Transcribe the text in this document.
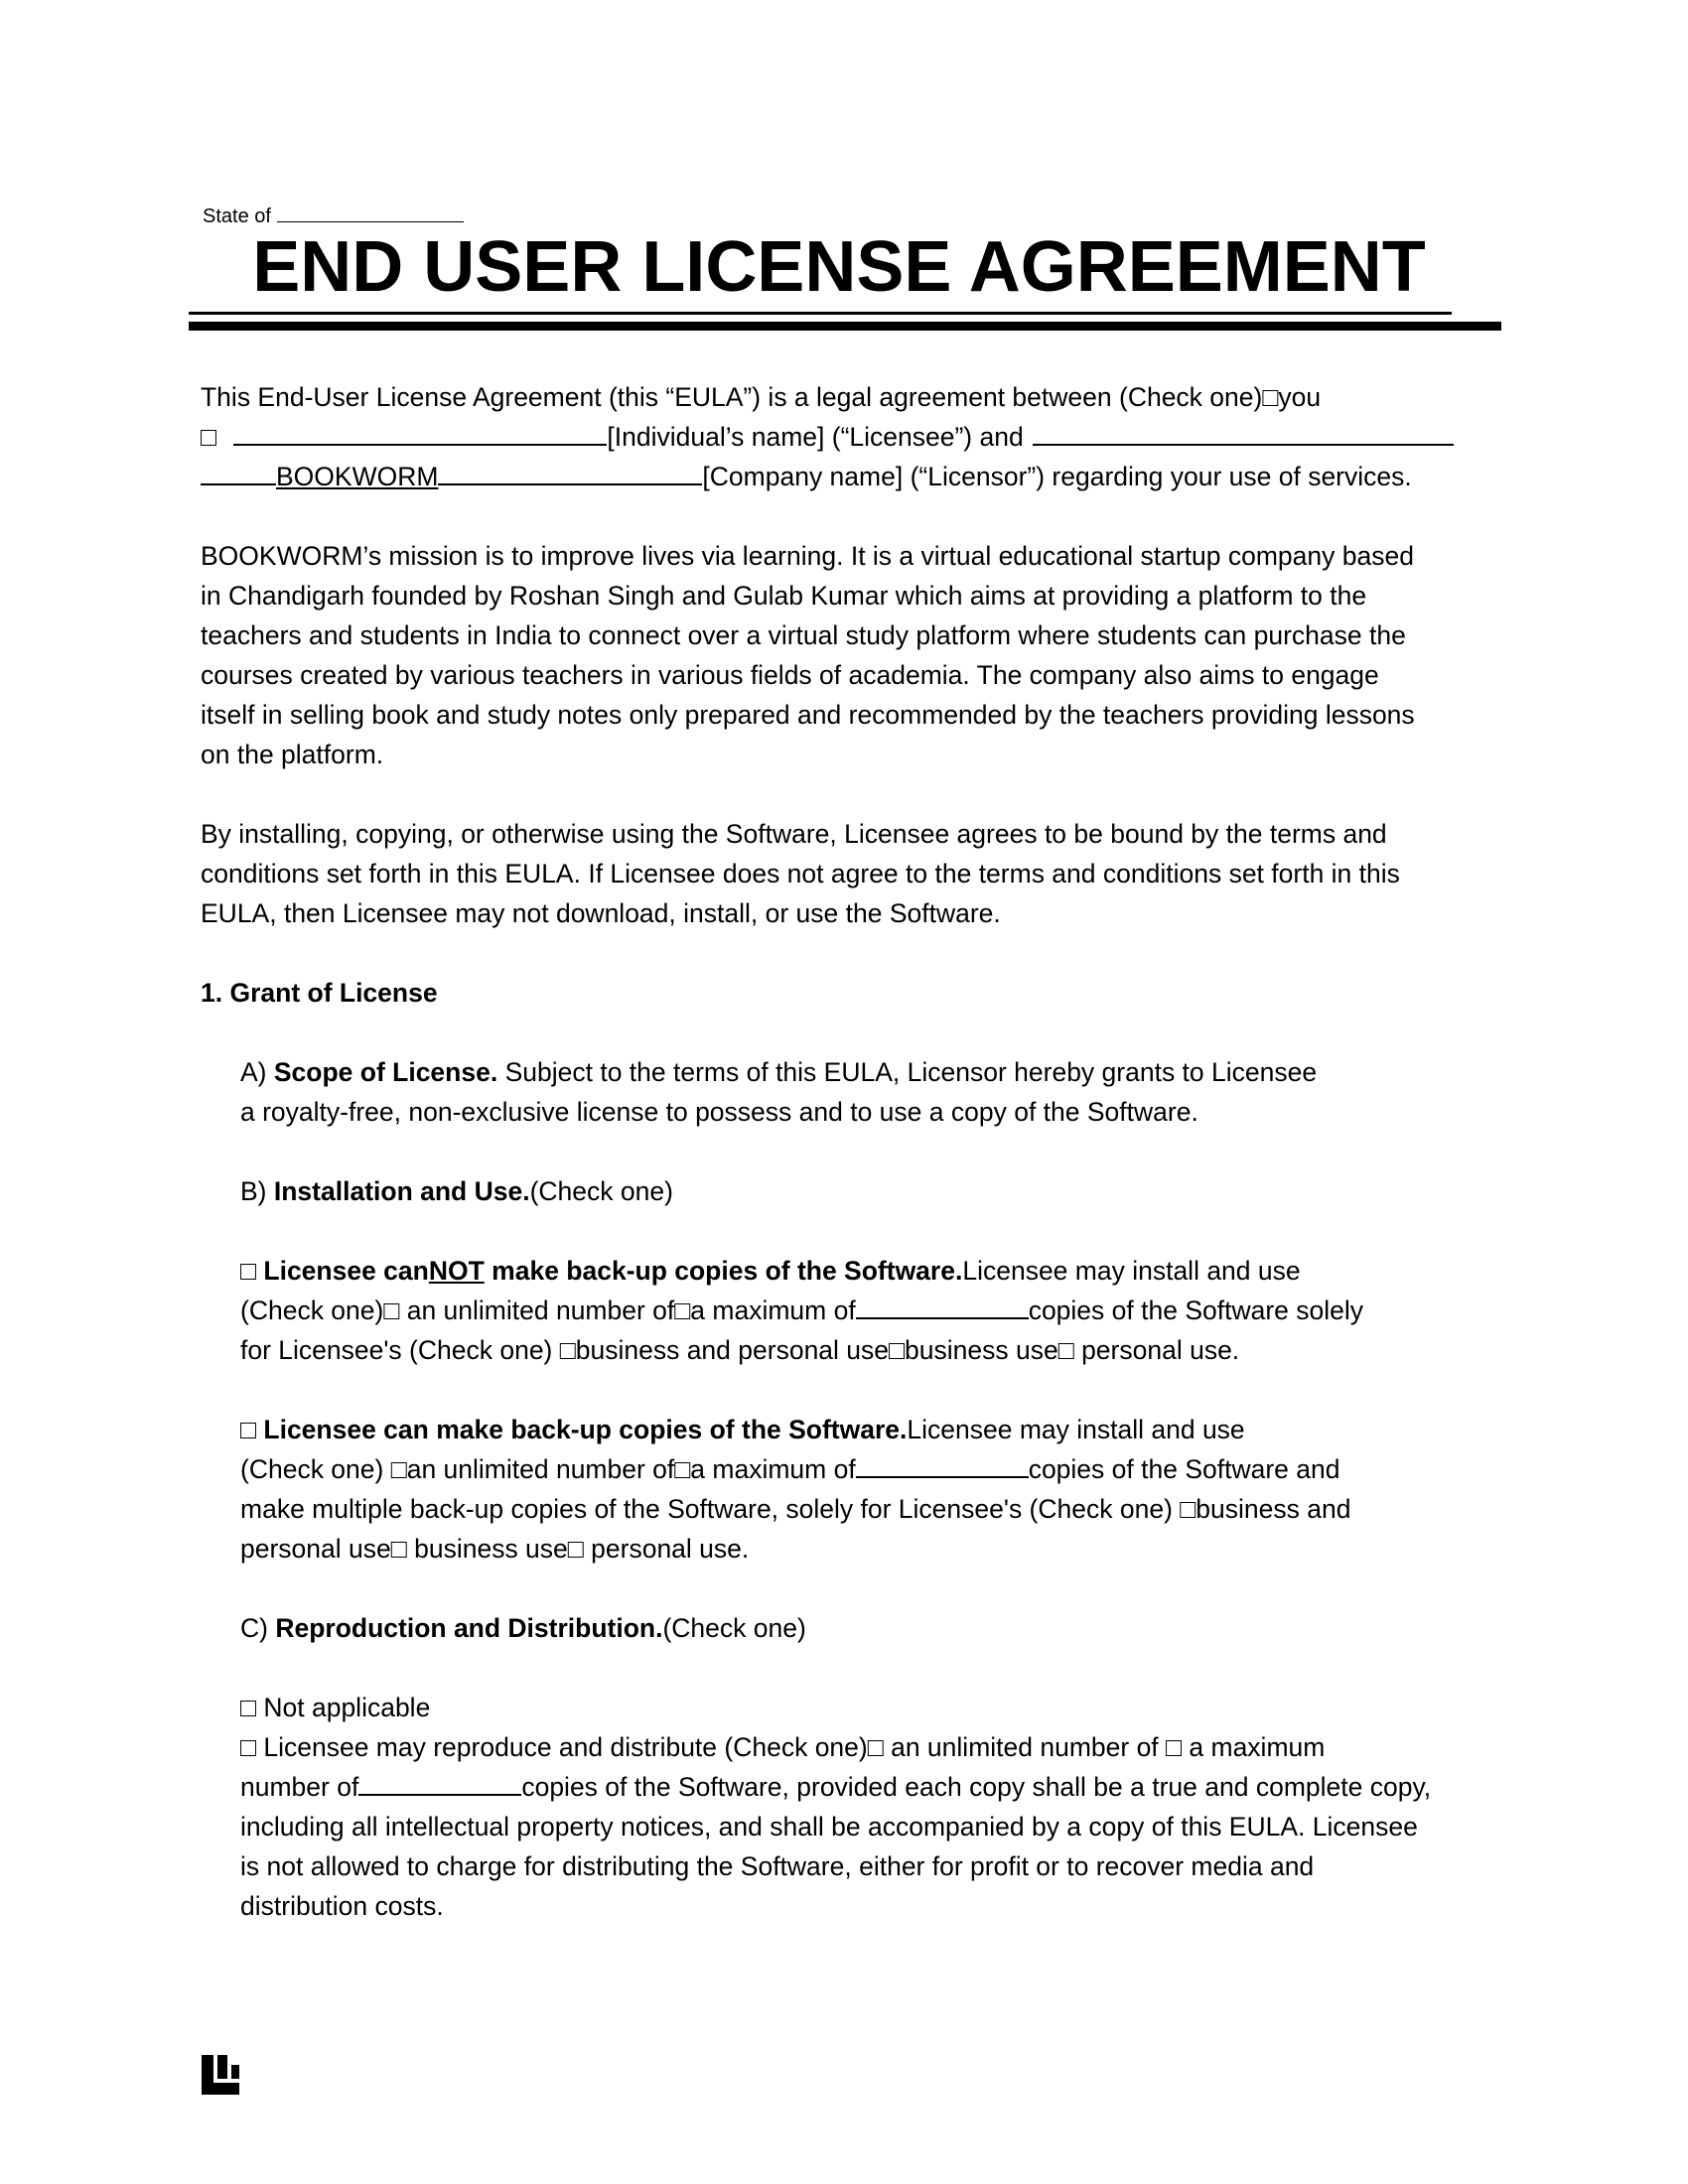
State of
END USER LICENSE AGREEMENT

This End-User License Agreement (this “EULA”) is a legal agreement between (Check one)□you

□	[Individual’s name] (“Licensee”) and

BOOKWORM	[Company name] (“Licensor”) regarding your use of services.

BOOKWORM’s mission is to improve lives via learning. It is a virtual educational startup company based

in Chandigarh founded by Roshan Singh and Gulab Kumar which aims at providing a platform to the

teachers and students in India to connect over a virtual study platform where students can purchase the

courses created by various teachers in various fields of academia. The company also aims to engage

itself in selling book and study notes only prepared and recommended by the teachers providing lessons

on the platform.

By installing, copying, or otherwise using the Software, Licensee agrees to be bound by the terms and

conditions set forth in this EULA. If Licensee does not agree to the terms and conditions set forth in this

EULA, then Licensee may not download, install, or use the Software.

1. Grant of License

A) Scope of License. Subject to the terms of this EULA, Licensor hereby grants to Licensee

a royalty-free, non-exclusive license to possess and to use a copy of the Software.

B) Installation and Use.(Check one)

□ Licensee canNOT make back-up copies of the Software.Licensee may install and use

(Check one)□ an unlimited number of□a maximum of	copies of the Software solely

for Licensee's (Check one) □business and personal use□business use□ personal use.

□ Licensee can make back-up copies of the Software.Licensee may install and use

(Check one) □an unlimited number of□a maximum of	copies of the Software and

make multiple back-up copies of the Software, solely for Licensee's (Check one) □business and

personal use□ business use□ personal use.

C) Reproduction and Distribution.(Check one)

□ Not applicable

□ Licensee may reproduce and distribute (Check one)□ an unlimited number of □ a maximum

number of	copies of the Software, provided each copy shall be a true and complete copy,

including all intellectual property notices, and shall be accompanied by a copy of this EULA. Licensee

is not allowed to charge for distributing the Software, either for profit or to recover media and

distribution costs.
